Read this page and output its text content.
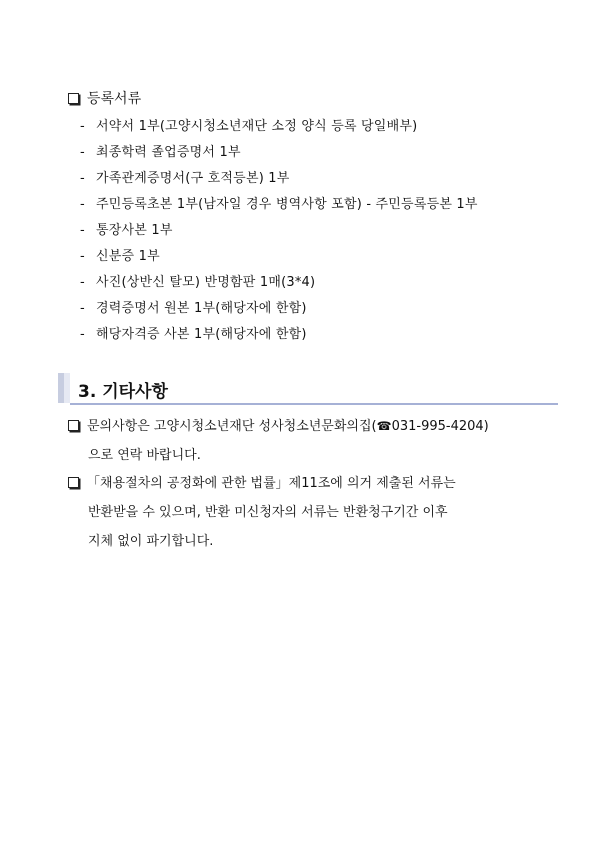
등록서류
- 서약서 1부(고양시청소년재단 소정 양식 등록 당일배부)
- 최종학력 졸업증명서 1부
- 가족관계증명서(구 호적등본) 1부
- 주민등록초본 1부(남자일 경우 병역사항 포함) - 주민등록등본 1부
- 통장사본 1부
- 신분증 1부
- 사진(상반신 탈모) 반명함판 1매(3*4)
- 경력증명서 원본 1부(해당자에 한함)
- 해당자격증 사본 1부(해당자에 한함)
3. 기타사항
문의사항은 고양시청소년재단 성사청소년문화의집(☎031-995-4204)
으로 연락 바랍니다.
「채용절차의 공정화에 관한 법률」제11조에 의거 제출된 서류는
반환받을 수 있으며, 반환 미신청자의 서류는 반환청구기간 이후
지체 없이 파기합니다.
